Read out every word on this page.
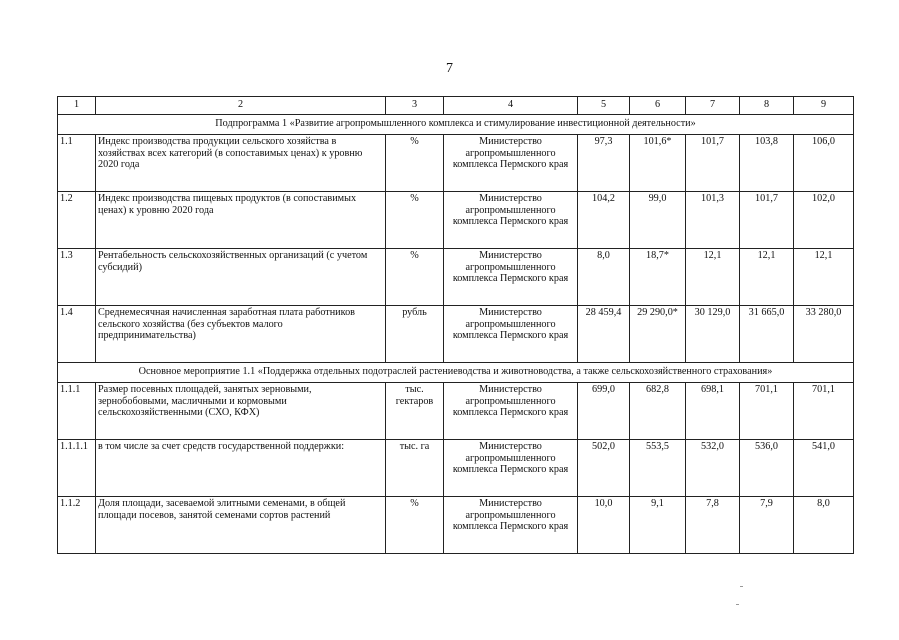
7
1	2	3	4	5	6	7	8	9
Подпрограмма 1 «Развитие агропромышленного комплекса и стимулирование инвестиционной деятельности»								
1.1	Индекс производства продукции сельского хозяйства в хозяйствах всех категорий (в сопоставимых ценах) к уровню 2020 года	%	Министерство агропромышленного комплекса Пермского края	97,3	101,6*	101,7	103,8	106,0
1.2	Индекс производства пищевых продуктов (в сопоставимых ценах) к уровню 2020 года	%	Министерство агропромышленного комплекса Пермского края	104,2	99,0	101,3	101,7	102,0
1.3	Рентабельность сельскохозяйственных организаций (с учетом субсидий)	%	Министерство агропромышленного комплекса Пермского края	8,0	18,7*	12,1	12,1	12,1
1.4	Среднемесячная начисленная заработная плата работников сельского хозяйства (без субъектов малого предпринимательства)	рубль	Министерство агропромышленного комплекса Пермского края	28 459,4	29 290,0*	30 129,0	31 665,0	33 280,0
Основное мероприятие 1.1 «Поддержка отдельных подотраслей растениеводства и животноводства, а также сельскохозяйственного страхования»								
1.1.1	Размер посевных площадей, занятых зерновыми, зернобобовыми, масличными и кормовыми сельскохозяйственными (СХО, КФХ)	тыс. гектаров	Министерство агропромышленного комплекса Пермского края	699,0	682,8	698,1	701,1	701,1
1.1.1.1	в том числе за счет средств государственной поддержки:	тыс. га	Министерство агропромышленного комплекса Пермского края	502,0	553,5	532,0	536,0	541,0
1.1.2	Доля площади, засеваемой элитными семенами, в общей площади посевов, занятой семенами сортов растений	%	Министерство агропромышленного комплекса Пермского края	10,0	9,1	7,8	7,9	8,0
